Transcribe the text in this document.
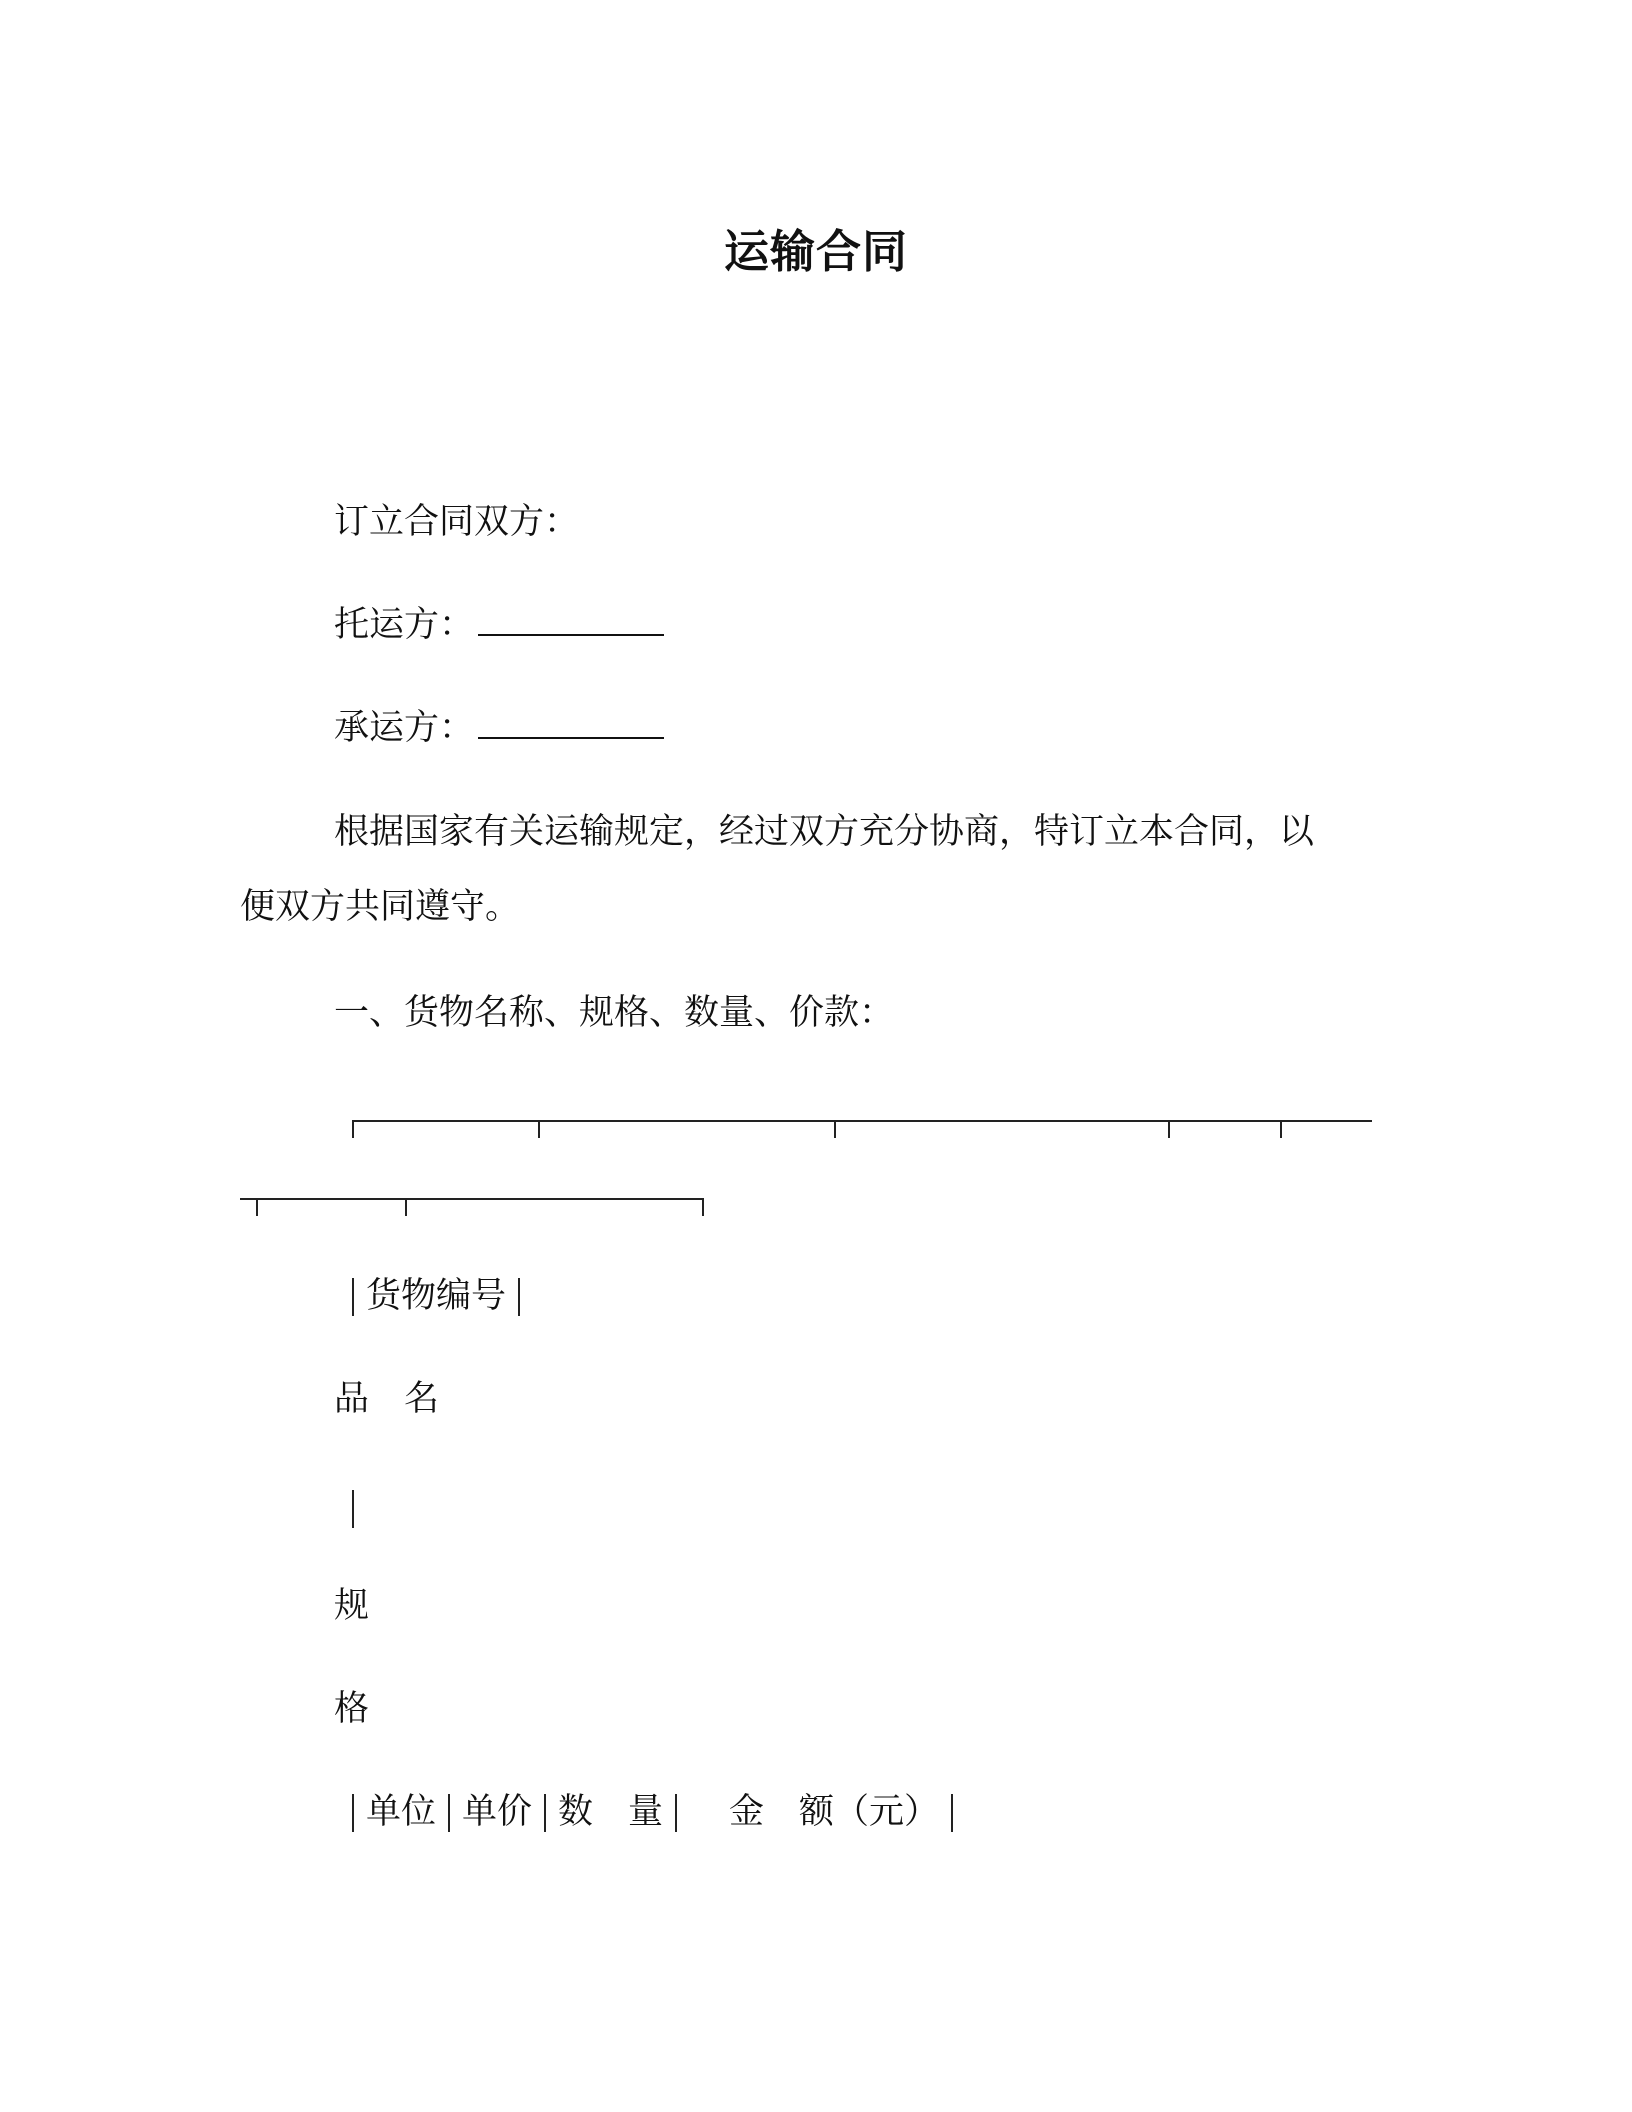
运输合同
订立合同双方：
托运方：
承运方：
根据国家有关运输规定，经过双方充分协商，特订立本合同，以
便双方共同遵守。
一、货物名称、规格、数量、价款：
货物编号
品　名
规
格
单位 单价 数　量 金　额（元）
